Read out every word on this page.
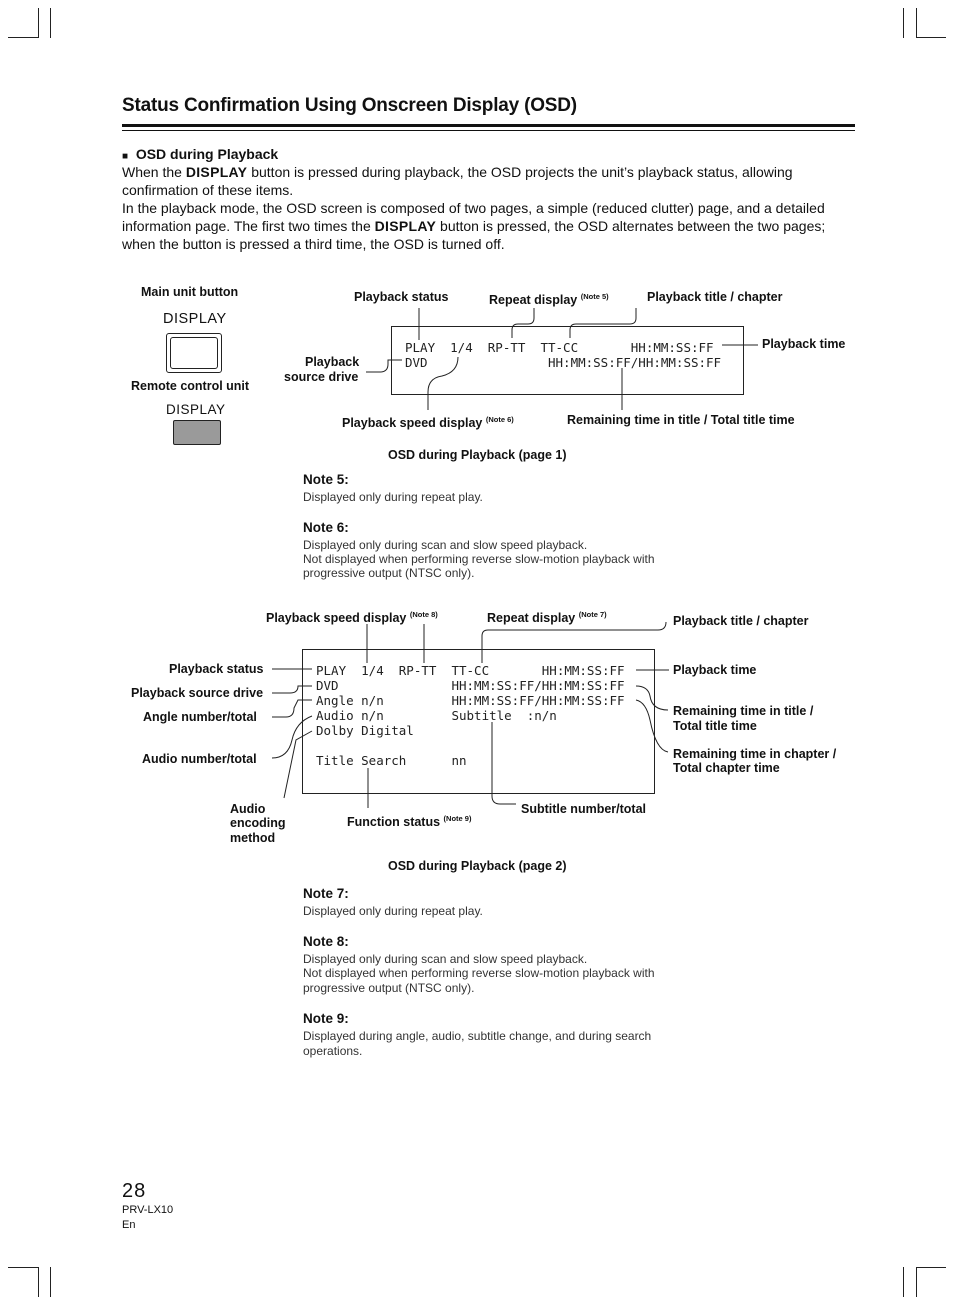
Status Confirmation Using Onscreen Display (OSD)
■ OSD during Playback
When the DISPLAY button is pressed during playback, the OSD projects the unit’s playback status, allowing confirmation of these items.
In the playback mode, the OSD screen is composed of two pages, a simple (reduced clutter) page, and a detailed information page. The first two times the DISPLAY button is pressed, the OSD alternates between the two pages; when the button is pressed a third time, the OSD is turned off.
Main unit button
DISPLAY
Remote control unit
DISPLAY
PLAY  1/4  RP-TT  TT-CC       HH:MM:SS:FF
DVD                HH:MM:SS:FF/HH:MM:SS:FF
Playback status	Repeat display $^{(Note 5)}$	Playback title / chapter
Playback time
Playback
source drive
Playback speed display $^{(Note 6)}$	Remaining time in title / Total title time
OSD during Playback (page 1)
Note 5:
Displayed only during repeat play.
Note 6:
Displayed only during scan and slow speed playback.
Not displayed when performing reverse slow-motion playback with
progressive output (NTSC only).
PLAY  1/4  RP-TT  TT-CC       HH:MM:SS:FF
DVD               HH:MM:SS:FF/HH:MM:SS:FF
Angle n/n         HH:MM:SS:FF/HH:MM:SS:FF
Audio n/n         Subtitle  :n/n
Dolby Digital
Title Search      nn
Playback speed display $^{(Note 8)}$	Repeat display $^{(Note 7)}$	Playback title / chapter
Playback status	Playback time
Playback source drive
Remaining time in title /
Total title time
Angle number/total
Remaining time in chapter /
Total chapter time
Audio number/total
Audio
encoding
method
Function status $^{(Note 9)}$
Subtitle number/total
OSD during Playback (page 2)
Note 7:
Displayed only during repeat play.
Note 8:
Displayed only during scan and slow speed playback.
Not displayed when performing reverse slow-motion playback with
progressive output (NTSC only).
Note 9:
Displayed during angle, audio, subtitle change, and during search
operations.
28
PRV-LX10
En
